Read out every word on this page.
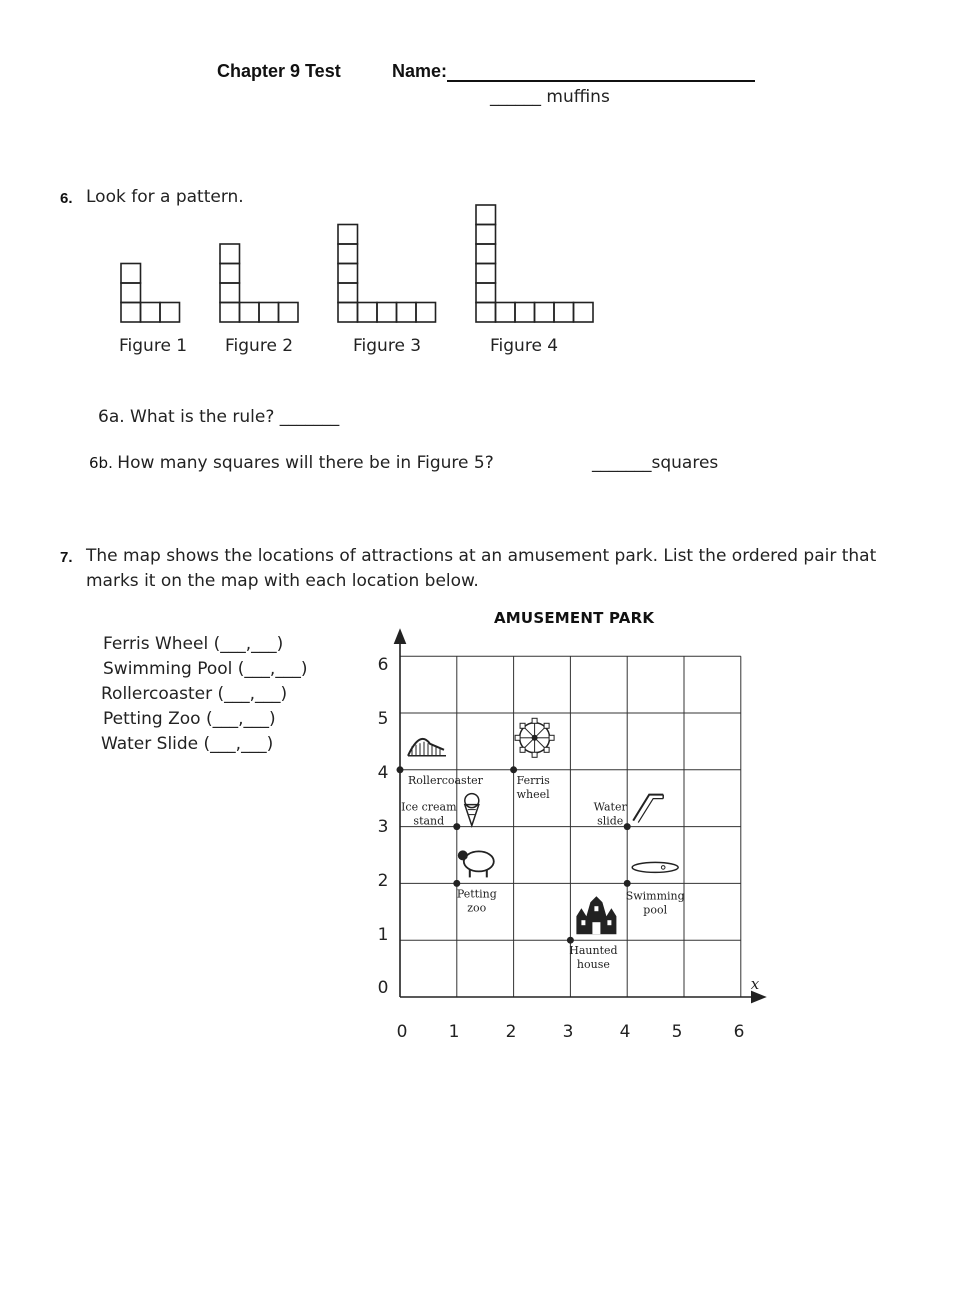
Chapter 9 Test	Name:
______ muffins
6. Look for a pattern.
Figure 1 Figure 2	Figure 3	Figure 4
6a. What is the rule? _______
6b. How many squares will there be in Figure 5?	_______squares
7. The map shows the locations of attractions at an amusement park. List the ordered pair that
marks it on the map with each location below.
AMUSEMENT PARK
Ferris Wheel (___,___)
Swimming Pool (___,___)
Rollercoaster (___,___)
Petting Zoo (___,___)
Water Slide (___,___)
x
0 1	2	3	4 5	6
0
1
2
3
4
5
6
Rollercoaster	Ferris
wheel
Ice cream
stand
Water
slide
Petting
zoo
Swimming
pool
Haunted
house
